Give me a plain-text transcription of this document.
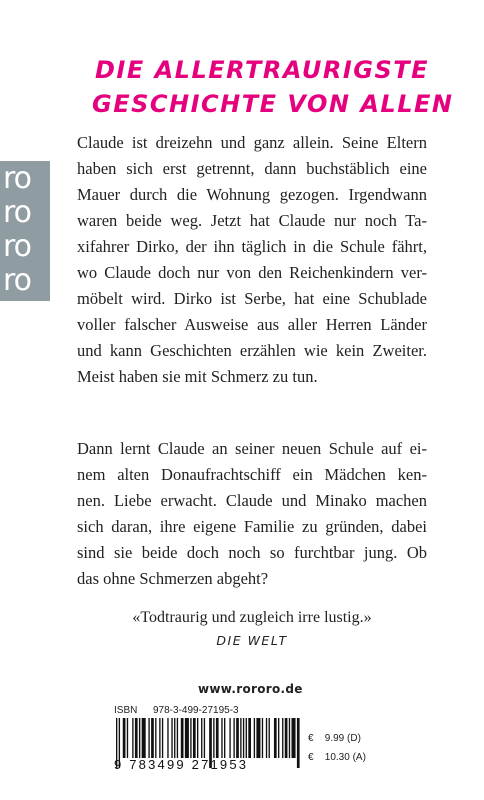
ro
ro
ro
ro
DIE ALLERTRAURIGSTE
GESCHICHTE VON ALLEN

Claude ist dreizehn und ganz allein. Seine Eltern
haben sich erst getrennt, dann buchstäblich eine
Mauer durch die Wohnung gezogen. Irgendwann
waren beide weg. Jetzt hat Claude nur noch Ta-
xifahrer Dirko, der ihn täglich in die Schule fährt,
wo Claude doch nur von den Reichenkindern ver-
möbelt wird. Dirko ist Serbe, hat eine Schublade
voller falscher Ausweise aus aller Herren Länder
und kann Geschichten erzählen wie kein Zweiter.
Meist haben sie mit Schmerz zu tun.

Dann lernt Claude an seiner neuen Schule auf ei-
nem alten Donaufrachtschiff ein Mädchen ken-
nen. Liebe erwacht. Claude und Minako machen
sich daran, ihre eigene Familie zu gründen, dabei
sind sie beide doch noch so furchtbar jung. Ob
das ohne Schmerzen abgeht?

«Todtraurig und zugleich irre lustig.»
DIE WELT
www.rororo.de
ISBN 978-3-499-27195-3
9 783499 271953
€ 9.99 (D)
€ 10.30 (A)
